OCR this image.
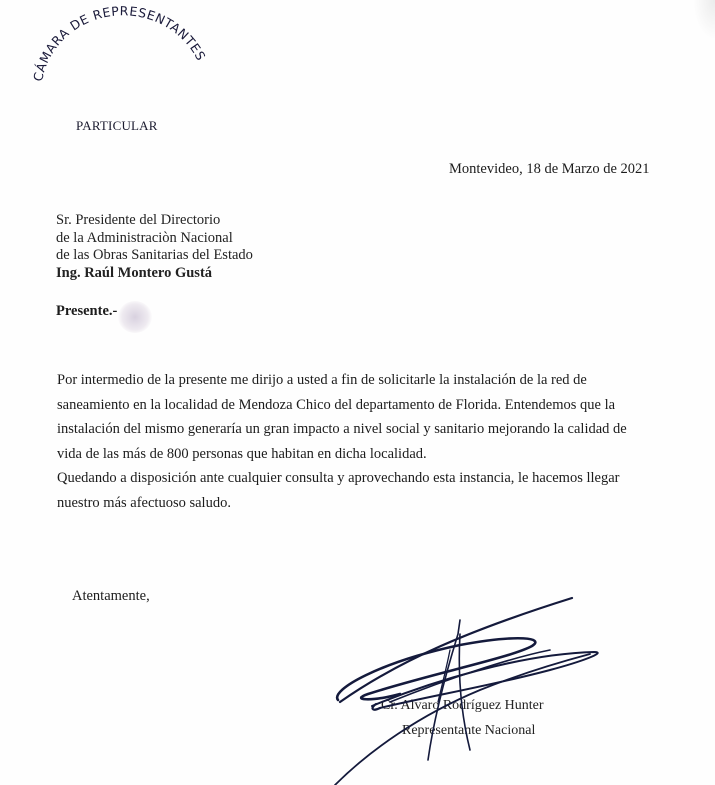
CÁMARA DE REPRESENTANTES
PARTICULAR
Montevideo, 18 de Marzo de 2021
Sr. Presidente del Directorio
de la Administraciòn Nacional
de las Obras Sanitarias del Estado
Ing. Raúl Montero Gustá
Presente.-

Por intermedio de la presente me dirijo a usted a fin de solicitarle la instalación de la red de

saneamiento en la localidad de Mendoza Chico del departamento de Florida. Entendemos que la

instalación del mismo generaría un gran impacto a nivel social y sanitario mejorando la calidad de

vida de las más de 800 personas que habitan en dicha localidad.

Quedando a disposición ante cualquier consulta y aprovechando esta instancia, le hacemos llegar

nuestro más afectuoso saludo.

Atentamente,
Cr. Alvaro Rodríguez Hunter
Representante Nacional
